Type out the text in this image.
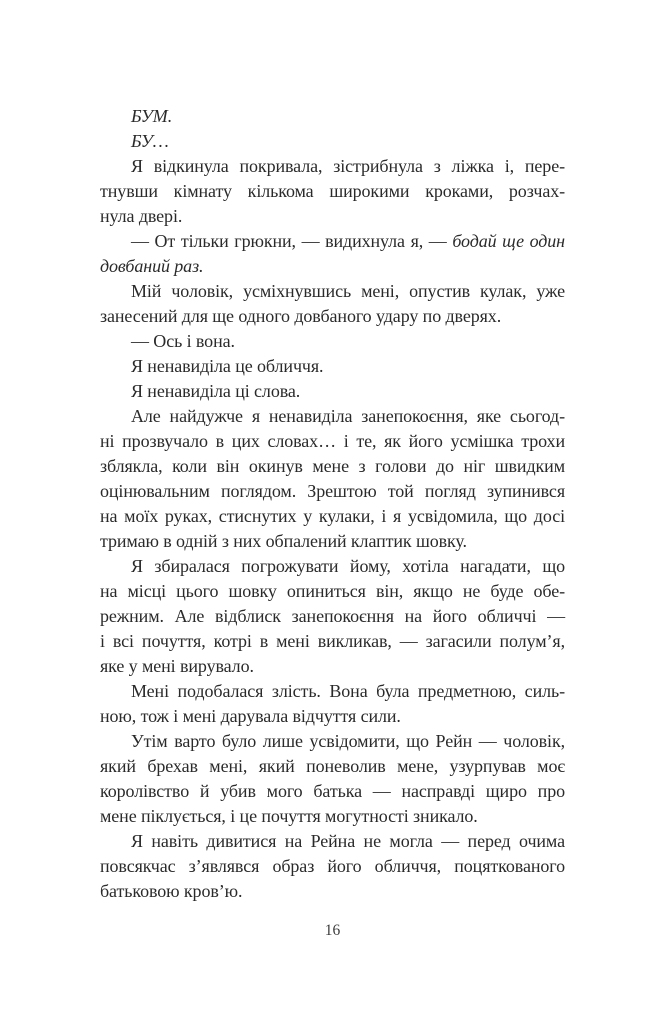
БУМ.
БУ…
Я відкинула покривала, зістрибнула з ліжка і, пере-
тнувши кімнату кількома широкими кроками, розчах-
нула двері.
— От тільки грюкни, — видихнула я, — бодай ще один
довбаний раз.
Мій чоловік, усміхнувшись мені, опустив кулак, уже
занесений для ще одного довбаного удару по дверях.
— Ось і вона.
Я ненавиділа це обличчя.
Я ненавиділа ці слова.
Але найдужче я ненавиділа занепокоєння, яке сьогод-
ні прозвучало в цих словах… і те, як його усмішка трохи
зблякла, коли він окинув мене з голови до ніг швидким
оцінювальним поглядом. Зрештою той погляд зупинився
на моїх руках, стиснутих у кулаки, і я усвідомила, що досі
тримаю в одній з них обпалений клаптик шовку.
Я збиралася погрожувати йому, хотіла нагадати, що
на місці цього шовку опиниться він, якщо не буде обе-
режним. Але відблиск занепокоєння на його обличчі —
і всі почуття, котрі в мені викликав, — загасили полум’я,
яке у мені вирувало.
Мені подобалася злість. Вона була предметною, силь-
ною, тож і мені дарувала відчуття сили.
Утім варто було лише усвідомити, що Рейн — чоловік,
який брехав мені, який поневолив мене, узурпував моє
королівство й убив мого батька — насправді щиро про
мене піклується, і це почуття могутності зникало.
Я навіть дивитися на Рейна не могла — перед очима
повсякчас з’являвся образ його обличчя, поцяткованого
батьковою кров’ю.
16
